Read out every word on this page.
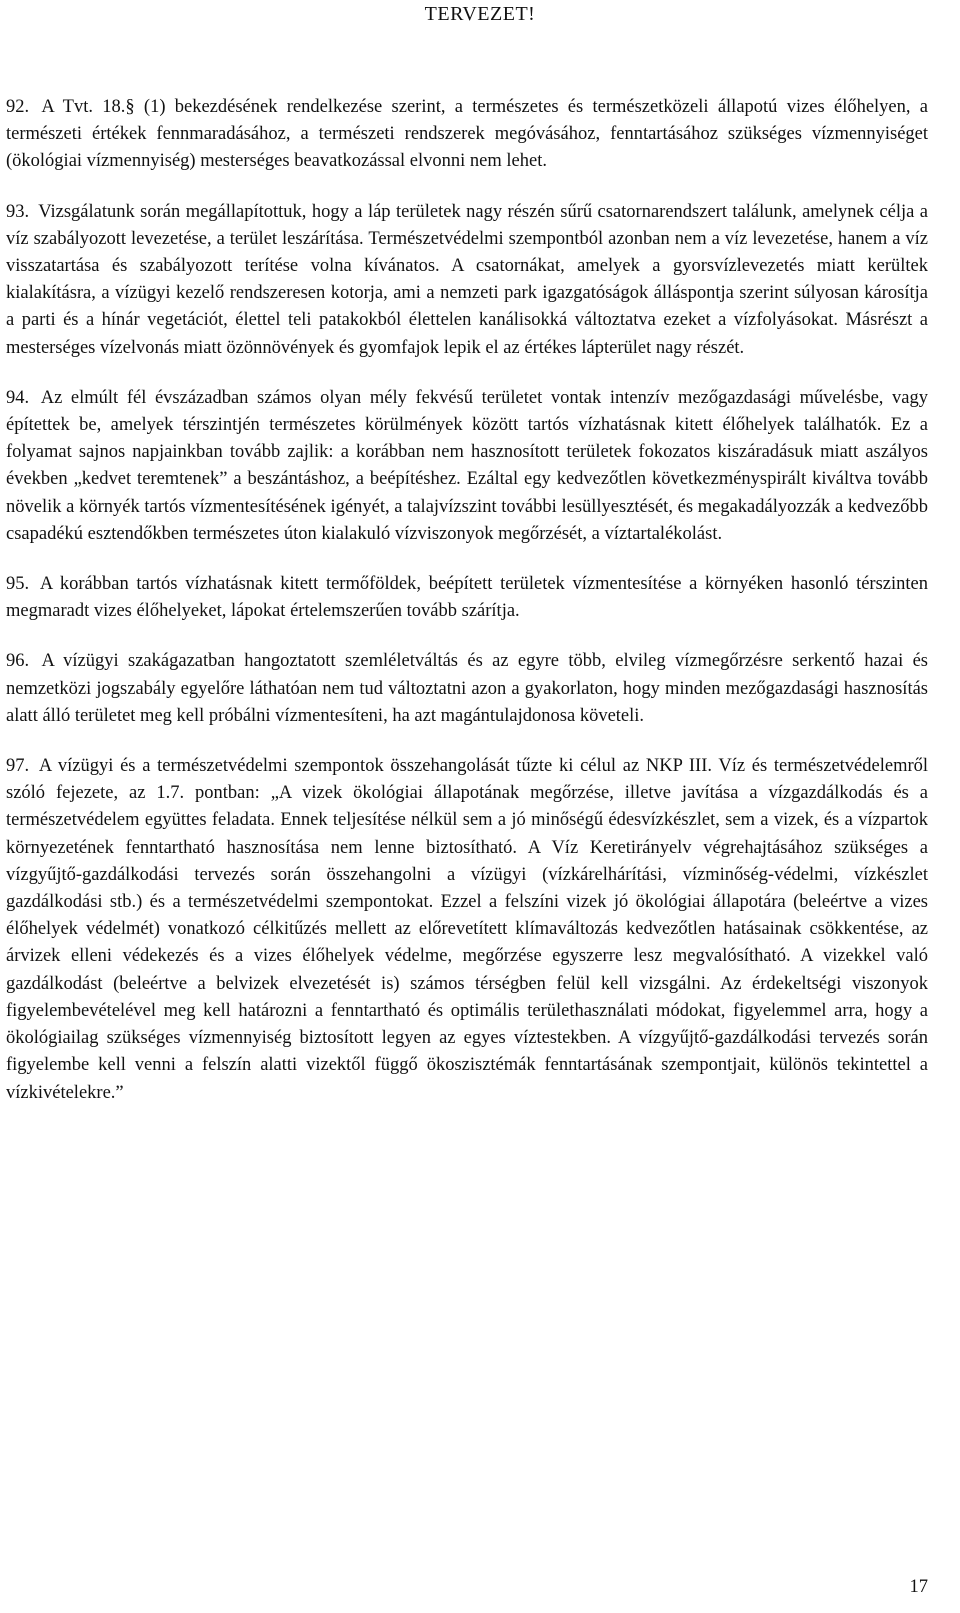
TERVEZET!

92. A Tvt. 18.§ (1) bekezdésének rendelkezése szerint, a természetes és természetközeli állapotú vizes élőhelyen, a természeti értékek fennmaradásához, a természeti rendszerek megóvásához, fenntartásához szükséges vízmennyiséget (ökológiai vízmennyiség) mesterséges beavatkozással elvonni nem lehet.

93. Vizsgálatunk során megállapítottuk, hogy a láp területek nagy részén sűrű csatornarendszert találunk, amelynek célja a víz szabályozott levezetése, a terület leszárítása. Természetvédelmi szempontból azonban nem a víz levezetése, hanem a víz visszatartása és szabályozott terítése volna kívánatos. A csatornákat, amelyek a gyorsvízlevezetés miatt kerültek kialakításra, a vízügyi kezelő rendszeresen kotorja, ami a nemzeti park igazgatóságok álláspontja szerint súlyosan károsítja a parti és a hínár vegetációt, élettel teli patakokból élettelen kanálisokká változtatva ezeket a vízfolyásokat. Másrészt a mesterséges vízelvonás miatt özönnövények és gyomfajok lepik el az értékes lápterület nagy részét.

94. Az elmúlt fél évszázadban számos olyan mély fekvésű területet vontak intenzív mezőgazdasági művelésbe, vagy építettek be, amelyek térszintjén természetes körülmények között tartós vízhatásnak kitett élőhelyek találhatók. Ez a folyamat sajnos napjainkban tovább zajlik: a korábban nem hasznosított területek fokozatos kiszáradásuk miatt aszályos években „kedvet teremtenek” a beszántáshoz, a beépítéshez. Ezáltal egy kedvezőtlen következményspirált kiváltva tovább növelik a környék tartós vízmentesítésének igényét, a talajvízszint további lesüllyesztését, és megakadályozzák a kedvezőbb csapadékú esztendőkben természetes úton kialakuló vízviszonyok megőrzését, a víztartalékolást.

95. A korábban tartós vízhatásnak kitett termőföldek, beépített területek vízmentesítése a környéken hasonló térszinten megmaradt vizes élőhelyeket, lápokat értelemszerűen tovább szárítja.

96. A vízügyi szakágazatban hangoztatott szemléletváltás és az egyre több, elvileg vízmegőrzésre serkentő hazai és nemzetközi jogszabály egyelőre láthatóan nem tud változtatni azon a gyakorlaton, hogy minden mezőgazdasági hasznosítás alatt álló területet meg kell próbálni vízmentesíteni, ha azt magántulajdonosa követeli.

97. A vízügyi és a természetvédelmi szempontok összehangolását tűzte ki célul az NKP III. Víz és természetvédelemről szóló fejezete, az 1.7. pontban: „A vizek ökológiai állapotának megőrzése, illetve javítása a vízgazdálkodás és a természetvédelem együttes feladata. Ennek teljesítése nélkül sem a jó minőségű édesvízkészlet, sem a vizek, és a vízpartok környezetének fenntartható hasznosítása nem lenne biztosítható. A Víz Keretirányelv végrehajtásához szükséges a vízgyűjtő-gazdálkodási tervezés során összehangolni a vízügyi (vízkárelhárítási, vízminőség-védelmi, vízkészlet gazdálkodási stb.) és a természetvédelmi szempontokat. Ezzel a felszíni vizek jó ökológiai állapotára (beleértve a vizes élőhelyek védelmét) vonatkozó célkitűzés mellett az előrevetített klímaváltozás kedvezőtlen hatásainak csökkentése, az árvizek elleni védekezés és a vizes élőhelyek védelme, megőrzése egyszerre lesz megvalósítható. A vizekkel való gazdálkodást (beleértve a belvizek elvezetését is) számos térségben felül kell vizsgálni. Az érdekeltségi viszonyok figyelembevételével meg kell határozni a fenntartható és optimális területhasználati módokat, figyelemmel arra, hogy a ökológiailag szükséges vízmennyiség biztosított legyen az egyes víztestekben. A vízgyűjtő-gazdálkodási tervezés során figyelembe kell venni a felszín alatti vizektől függő ökoszisztémák fenntartásának szempontjait, különös tekintettel a vízkivételekre.”

17
